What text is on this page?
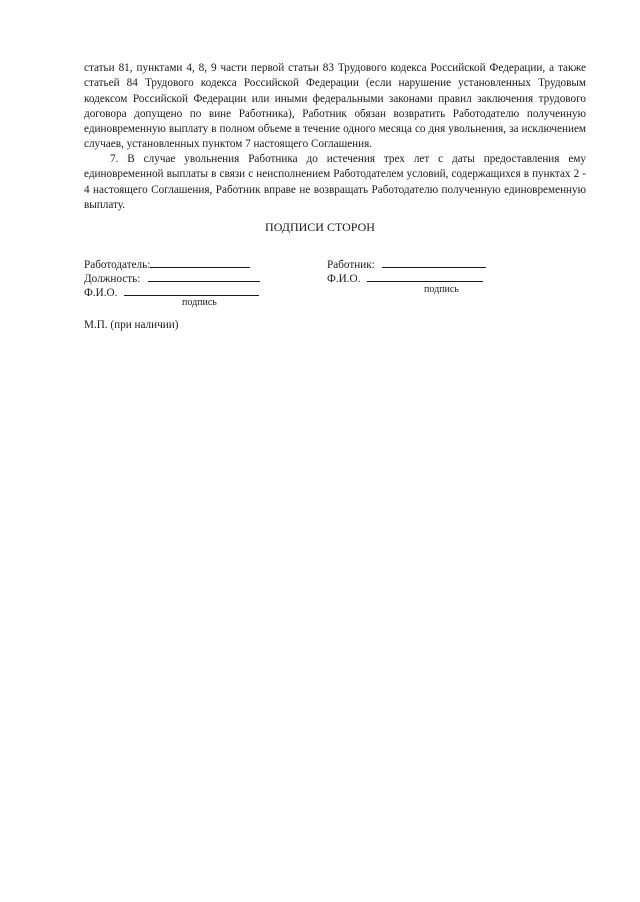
статьи 81, пунктами 4, 8, 9 части первой статьи 83 Трудового кодекса Российской Федерации, а также статьей 84 Трудового кодекса Российской Федерации (если нарушение установленных Трудовым кодексом Российской Федерации или иными федеральными законами правил заключения трудового договора допущено по вине Работника), Работник обязан возвратить Работодателю полученную единовременную выплату в полном объеме в течение одного месяца со дня увольнения, за исключением случаев, установленных пунктом 7 настоящего Соглашения.

7. В случае увольнения Работника до истечения трех лет с даты предоставления ему единовременной выплаты в связи с неисполнением Работодателем условий, содержащихся в пунктах 2 - 4 настоящего Соглашения, Работник вправе не возвращать Работодателю полученную единовременную выплату.

ПОДПИСИ СТОРОН
Работодатель:
Должность:
Ф.И.О.
подпись
Работник:
Ф.И.О.
подпись
М.П. (при наличии)
